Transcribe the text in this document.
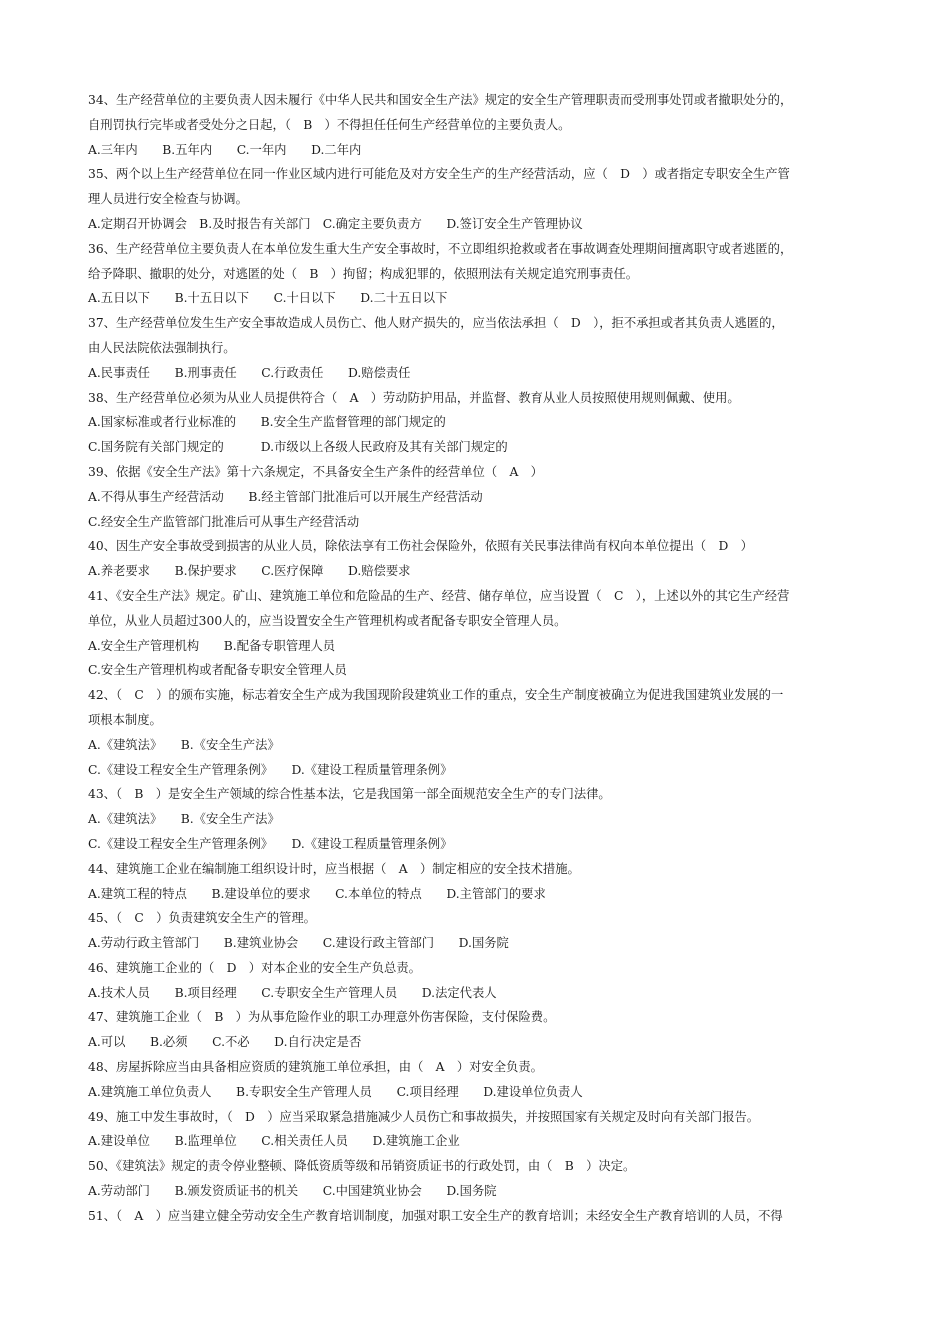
34、生产经营单位的主要负责人因未履行《中华人民共和国安全生产法》规定的安全生产管理职责而受刑事处罚或者撤职处分的，
自刑罚执行完毕或者受处分之日起，（　B　）不得担任任何生产经营单位的主要负责人。
A.三年内　　B.五年内　　C.一年内　　D.二年内
35、两个以上生产经营单位在同一作业区域内进行可能危及对方安全生产的生产经营活动，应（　D　）或者指定专职安全生产管
理人员进行安全检查与协调。
A.定期召开协调会　B.及时报告有关部门　C.确定主要负责方　　D.签订安全生产管理协议
36、生产经营单位主要负责人在本单位发生重大生产安全事故时，不立即组织抢救或者在事故调查处理期间擅离职守或者逃匿的，
给予降职、撤职的处分，对逃匿的处（　B　）拘留；构成犯罪的，依照刑法有关规定追究刑事责任。
A.五日以下　　B.十五日以下　　C.十日以下　　D.二十五日以下
37、生产经营单位发生生产安全事故造成人员伤亡、他人财产损失的，应当依法承担（　D　），拒不承担或者其负责人逃匿的，
由人民法院依法强制执行。
A.民事责任　　B.刑事责任　　C.行政责任　　D.赔偿责任
38、生产经营单位必须为从业人员提供符合（　A　）劳动防护用品，并监督、教育从业人员按照使用规则佩戴、使用。
A.国家标准或者行业标准的　　B.安全生产监督管理的部门规定的
C.国务院有关部门规定的　　　D.市级以上各级人民政府及其有关部门规定的
39、依据《安全生产法》第十六条规定，不具备安全生产条件的经营单位（　A　）
A.不得从事生产经营活动　　B.经主管部门批准后可以开展生产经营活动
C.经安全生产监管部门批准后可从事生产经营活动
40、因生产安全事故受到损害的从业人员，除依法享有工伤社会保险外，依照有关民事法律尚有权向本单位提出（　D　）
A.养老要求　　B.保护要求　　C.医疗保障　　D.赔偿要求
41、《安全生产法》规定。矿山、建筑施工单位和危险品的生产、经营、储存单位，应当设置（　C　），上述以外的其它生产经营
单位，从业人员超过300人的，应当设置安全生产管理机构或者配备专职安全管理人员。
A.安全生产管理机构　　B.配备专职管理人员
C.安全生产管理机构或者配备专职安全管理人员
42、（　C　）的颁布实施，标志着安全生产成为我国现阶段建筑业工作的重点，安全生产制度被确立为促进我国建筑业发展的一
项根本制度。
A.《建筑法》　　B.《安全生产法》
C.《建设工程安全生产管理条例》　　D.《建设工程质量管理条例》
43、（　B　）是安全生产领域的综合性基本法，它是我国第一部全面规范安全生产的专门法律。
A.《建筑法》　　B.《安全生产法》
C.《建设工程安全生产管理条例》　　D.《建设工程质量管理条例》
44、建筑施工企业在编制施工组织设计时，应当根据（　A　）制定相应的安全技术措施。
A.建筑工程的特点　　B.建设单位的要求　　C.本单位的特点　　D.主管部门的要求
45、（　C　）负责建筑安全生产的管理。
A.劳动行政主管部门　　B.建筑业协会　　C.建设行政主管部门　　D.国务院
46、建筑施工企业的（　D　）对本企业的安全生产负总责。
A.技术人员　　B.项目经理　　C.专职安全生产管理人员　　D.法定代表人
47、建筑施工企业（　B　）为从事危险作业的职工办理意外伤害保险，支付保险费。
A.可以　　B.必须　　C.不必　　D.自行决定是否
48、房屋拆除应当由具备相应资质的建筑施工单位承担，由（　A　）对安全负责。
A.建筑施工单位负责人　　B.专职安全生产管理人员　　C.项目经理　　D.建设单位负责人
49、施工中发生事故时，（　D　）应当采取紧急措施减少人员伤亡和事故损失，并按照国家有关规定及时向有关部门报告。
A.建设单位　　B.监理单位　　C.相关责任人员　　D.建筑施工企业
50、《建筑法》规定的责令停业整顿、降低资质等级和吊销资质证书的行政处罚，由（　B　）决定。
A.劳动部门　　B.颁发资质证书的机关　　C.中国建筑业协会　　D.国务院
51、（　A　）应当建立健全劳动安全生产教育培训制度，加强对职工安全生产的教育培训；未经安全生产教育培训的人员，不得
